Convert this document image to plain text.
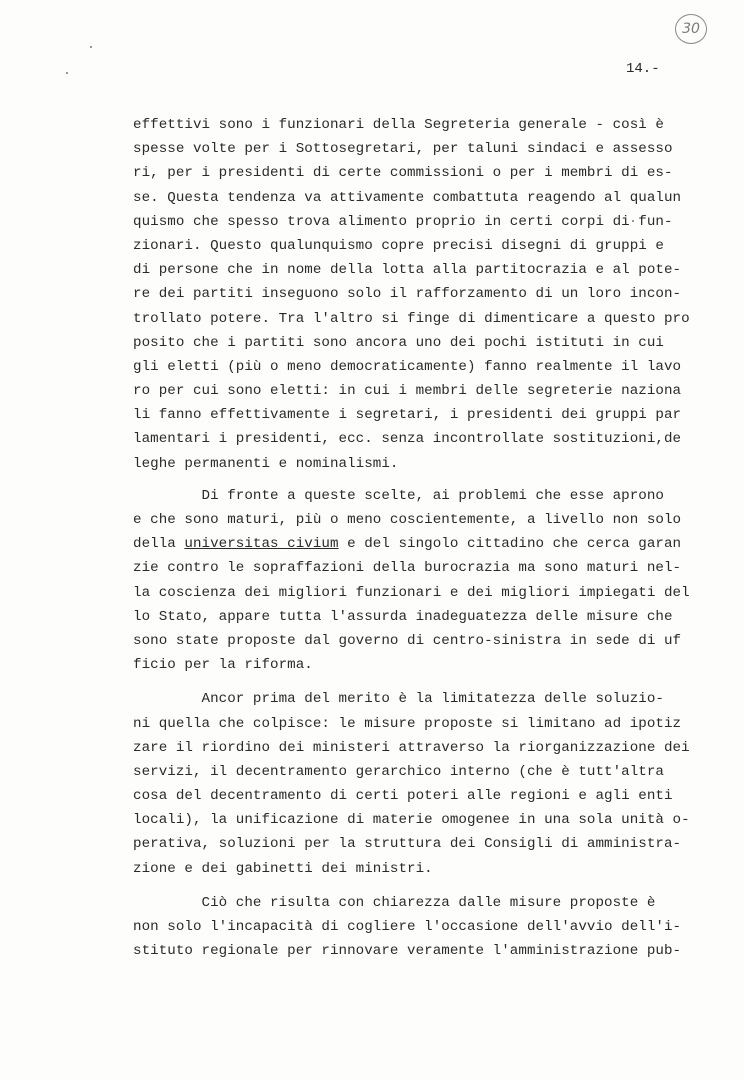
30
14.-
effettivi sono i funzionari della Segreteria generale - così è
spesse volte per i Sottosegretari, per taluni sindaci e assesso
ri, per i presidenti di certe commissioni o per i membri di es-
se. Questa tendenza va attivamente combattuta reagendo al qualun
quismo che spesso trova alimento proprio in certi corpi di fun-
zionari. Questo qualunquismo copre precisi disegni di gruppi e
di persone che in nome della lotta alla partitocrazia e al pote-
re dei partiti inseguono solo il rafforzamento di un loro incon-
trollato potere. Tra l'altro si finge di dimenticare a questo pro
posito che i partiti sono ancora uno dei pochi istituti in cui
gli eletti (più o meno democraticamente) fanno realmente il lavo
ro per cui sono eletti: in cui i membri delle segreterie naziona
li fanno effettivamente i segretari, i presidenti dei gruppi par
lamentari i presidenti, ecc. senza incontrollate sostituzioni,de
leghe permanenti e nominalismi.
Di fronte a queste scelte, ai problemi che esse aprono
e che sono maturi, più o meno coscientemente, a livello non solo
della universitas civium e del singolo cittadino che cerca garan
zie contro le sopraffazioni della burocrazia ma sono maturi nel-
la coscienza dei migliori funzionari e dei migliori impiegati del
lo Stato, appare tutta l'assurda inadeguatezza delle misure che
sono state proposte dal governo di centro-sinistra in sede di uf
ficio per la riforma.
Ancor prima del merito è la limitatezza delle soluzio-
ni quella che colpisce: le misure proposte si limitano ad ipotiz
zare il riordino dei ministeri attraverso la riorganizzazione dei
servizi, il decentramento gerarchico interno (che è tutt'altra
cosa del decentramento di certi poteri alle regioni e agli enti
locali), la unificazione di materie omogenee in una sola unità o-
perativa, soluzioni per la struttura dei Consigli di amministra-
zione e dei gabinetti dei ministri.
Ciò che risulta con chiarezza dalle misure proposte è
non solo l'incapacità di cogliere l'occasione dell'avvio dell'i-
stituto regionale per rinnovare veramente l'amministrazione pub-
